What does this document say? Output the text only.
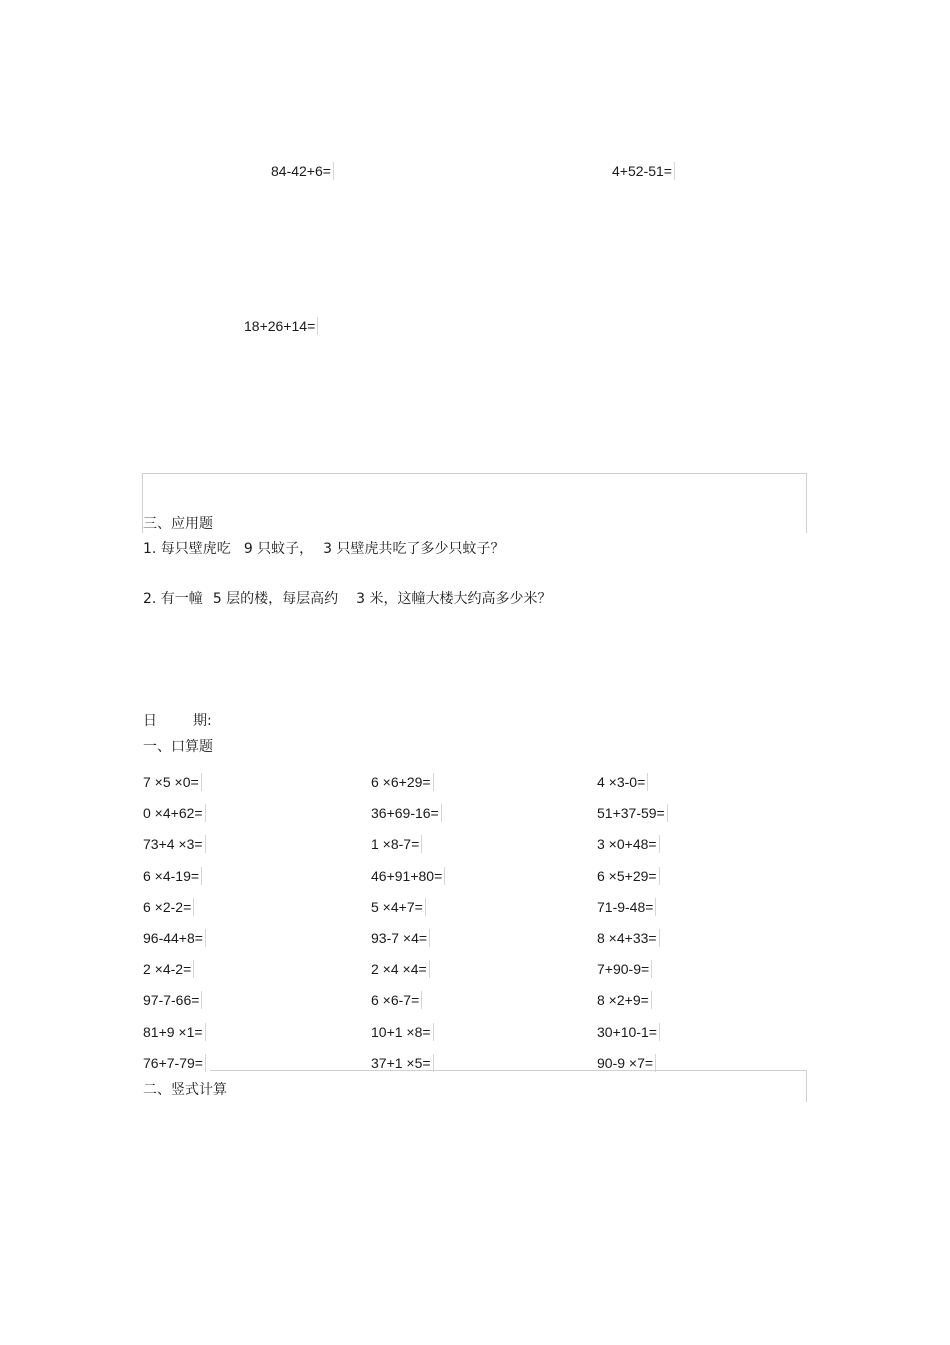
84-42+6=	4+52-51=
18+26+14=
三、应用题
1. 每只壁虎吃 9 只蚊子， 3 只壁虎共吃了多少只蚊子？
2. 有一幢 5 层的楼，每层高约 3 米，这幢大楼大约高多少米？
日	期:
一、口算题
7 ×5 ×0=	6 ×6+29=	4 ×3-0=
0 ×4+62=	36+69-16=	51+37-59=
73+4 ×3=	1 ×8-7=	3 ×0+48=
6 ×4-19=	46+91+80=	6 ×5+29=
6 ×2-2=	5 ×4+7=	71-9-48=
96-44+8=	93-7 ×4=	8 ×4+33=
2 ×4-2=	2 ×4 ×4=	7+90-9=
97-7-66=	6 ×6-7=	8 ×2+9=
81+9 ×1=	10+1 ×8=	30+10-1=
76+7-79=	37+1 ×5=	90-9 ×7=
二、竖式计算
